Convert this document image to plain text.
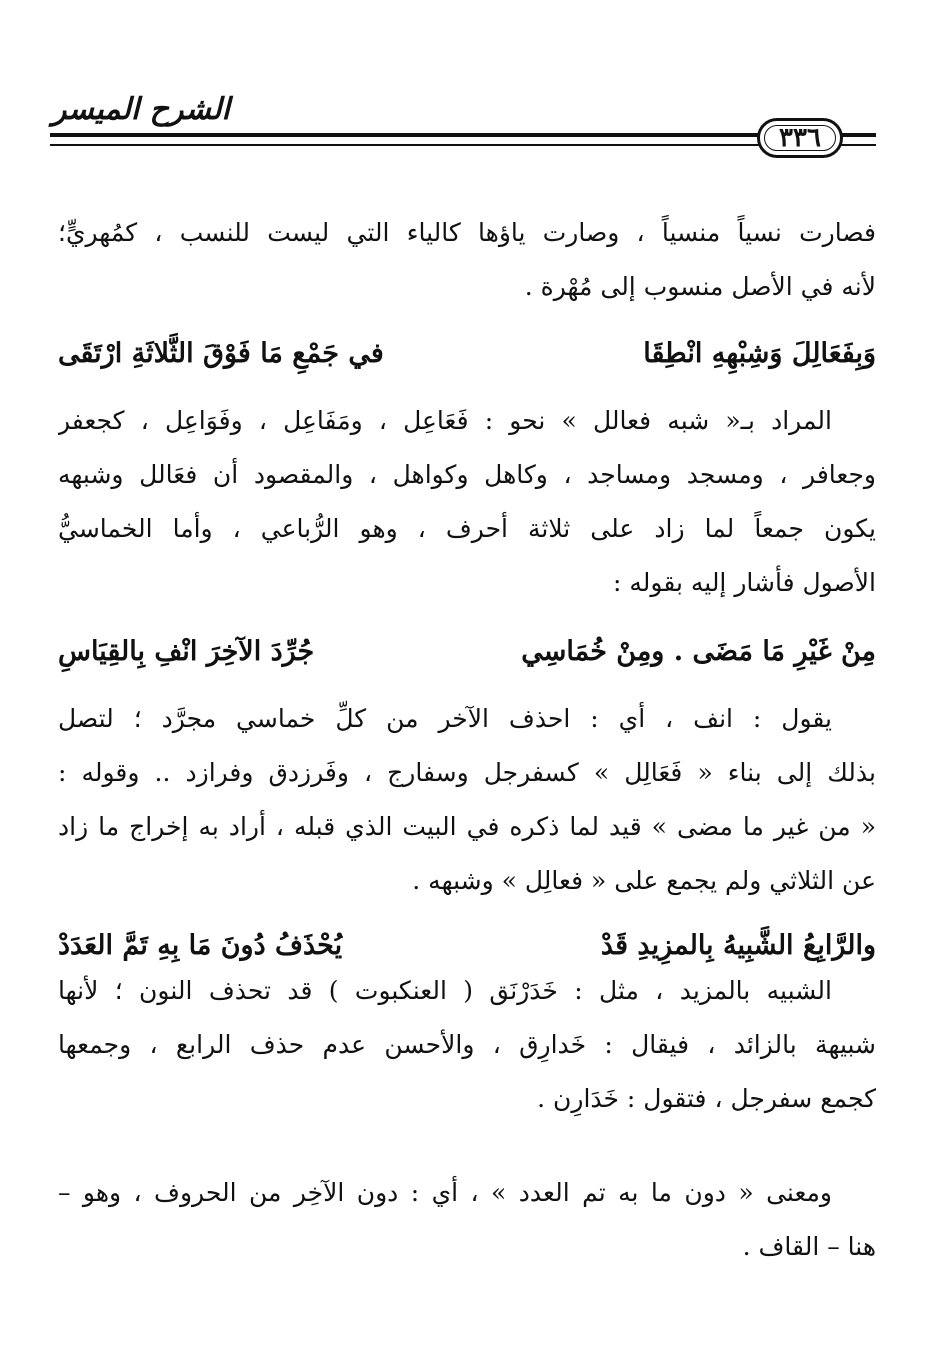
الشرح الميسر
٣٣٦
فصارت نسياً منسياً ، وصارت ياؤها كالياء التي ليست للنسب ، كمُهريٍّ؛
لأنه في الأصل منسوب إلى مُهْرة .
وَبِفَعَالِلَ وَشِبْهِهِ انْطِقَا
في جَمْعِ مَا فَوْقَ الثَّلاثَةِ ارْتَقَى
المراد بـ« شبه فعالل » نحو : فَعَاعِل ، ومَفَاعِل ، وفَوَاعِل ، كجعفر
وجعافر ، ومسجد ومساجد ، وكاهل وكواهل ، والمقصود أن فعَالل وشبهه
يكون جمعاً لما زاد على ثلاثة أحرف ، وهو الرُّباعي ، وأما الخماسيُّ
الأصول فأشار إليه بقوله :
مِنْ غَيْرِ مَا مَضَى . ومِنْ خُمَاسِي
جُرِّدَ الآخِرَ انْفِ بِالقِيَاسِ
يقول : انف ، أي : احذف الآخر من كلِّ خماسي مجرَّد ؛ لتصل
بذلك إلى بناء « فَعَالِل » كسفرجل وسفارج ، وفَرزدق وفرازد .. وقوله :
« من غير ما مضى » قيد لما ذكره في البيت الذي قبله ، أراد به إخراج ما زاد
عن الثلاثي ولم يجمع على « فعالِل » وشبهه .
والرَّابِعُ الشَّبِيهُ بِالمزِيدِ قَدْ
يُحْذَفُ دُونَ مَا بِهِ تَمَّ العَدَدْ
الشبيه بالمزيد ، مثل : خَدَرْنَق ( العنكبوت ) قد تحذف النون ؛ لأنها
شبيهة بالزائد ، فيقال : خَدارِق ، والأحسن عدم حذف الرابع ، وجمعها
كجمع سفرجل ، فتقول : خَدَارِن .
ومعنى « دون ما به تم العدد » ، أي : دون الآخِر من الحروف ، وهو –
هنا – القاف .
